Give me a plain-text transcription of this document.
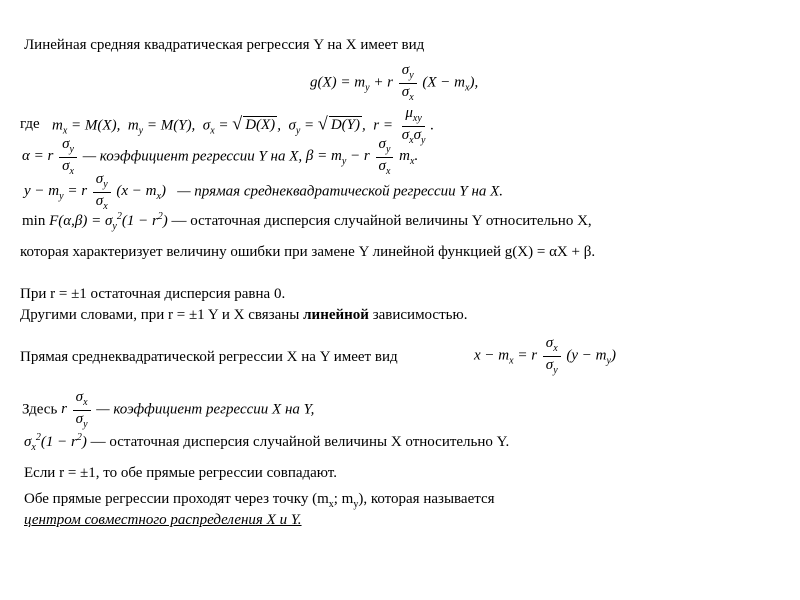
Линейная средняя квадратическая регрессия Y на X имеет вид
$g(X) = m_y + r \frac{\sigma_y}{\sigma_x} (X - m_x)$,
где $m_x = M(X)$,  $m_y = M(Y)$,  $\sigma_x$ = √ D(X) ,  $\sigma_y$ = √ D(Y) ,  $r = \frac{\mu_{xy}}{\sigma_x\sigma_y}$ .
α = r $\frac{\sigma_y}{\sigma_x}$ — коэффициент регрессии Y на X, $\beta = m_y - r \frac{\sigma_y}{\sigma_x} m_x$.
$y - m_y = r \frac{\sigma_y}{\sigma_x} (x - m_x)$   — прямая среднеквадратической регрессии Y на X.
$\min F(\alpha,\beta) = \sigma_y^2(1 - r^2)$ — остаточная дисперсия случайной величины Y относительно X,
которая характеризует величину ошибки при замене Y линейной функцией g(X) = αX + β.
При r = ±1 остаточная дисперсия равна 0.
Другими словами, при r = ±1 Y и X связаны линейной зависимостью.
Прямая среднеквадратической регрессии X на Y имеет вид	$x - m_x = r \frac{\sigma_x}{\sigma_y} (y - m_y)$
Здесь r $\frac{\sigma_x}{\sigma_y}$ — коэффициент регрессии X на Y,
$\sigma_x^2(1 - r^2)$ — остаточная дисперсия случайной величины X относительно Y.
Если r = ±1, то обе прямые регрессии совпадают.
Обе прямые регрессии проходят через точку ($m_x$; $m_y$), которая называется
центром совместного распределения X и Y.
